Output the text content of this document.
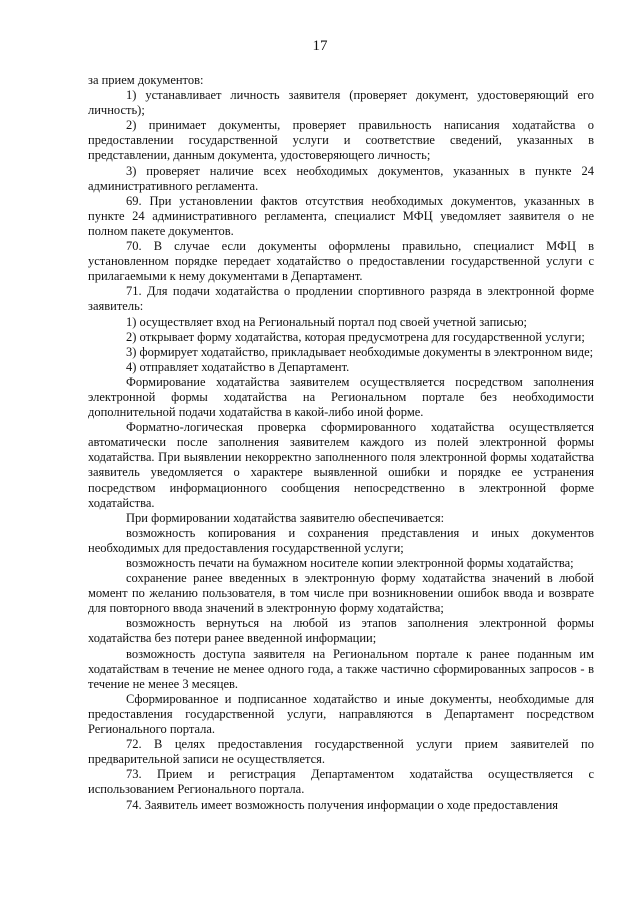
17

за прием документов:

1) устанавливает личность заявителя (проверяет документ, удостоверяющий его личность);

2) принимает документы, проверяет правильность написания ходатайства о предоставлении государственной услуги и соответствие сведений, указанных в представлении, данным документа, удостоверяющего личность;

3) проверяет наличие всех необходимых документов, указанных в пункте 24 административного регламента.

69. При установлении фактов отсутствия необходимых документов, указанных в пункте 24 административного регламента, специалист МФЦ уведомляет заявителя о не полном пакете документов.

70. В случае если документы оформлены правильно, специалист МФЦ в установленном порядке передает ходатайство о предоставлении государственной услуги с прилагаемыми к нему документами в Департамент.

71. Для подачи ходатайства о продлении спортивного разряда в электронной форме заявитель:

1) осуществляет вход на Региональный портал под своей учетной записью;

2) открывает форму ходатайства, которая предусмотрена для государственной услуги;

3) формирует ходатайство, прикладывает необходимые документы в электронном виде;

4) отправляет ходатайство в Департамент.

Формирование ходатайства заявителем осуществляется посредством заполнения электронной формы ходатайства на Региональном портале без необходимости дополнительной подачи ходатайства в какой-либо иной форме.

Форматно-логическая проверка сформированного ходатайства осуществляется автоматически после заполнения заявителем каждого из полей электронной формы ходатайства. При выявлении некорректно заполненного поля электронной формы ходатайства заявитель уведомляется о характере выявленной ошибки и порядке ее устранения посредством информационного сообщения непосредственно в электронной форме ходатайства.

При формировании ходатайства заявителю обеспечивается:

возможность копирования и сохранения представления и иных документов необходимых для предоставления государственной услуги;

возможность печати на бумажном носителе копии электронной формы ходатайства;

сохранение ранее введенных в электронную форму ходатайства значений в любой момент по желанию пользователя, в том числе при возникновении ошибок ввода и возврате для повторного ввода значений в электронную форму ходатайства;

возможность вернуться на любой из этапов заполнения электронной формы ходатайства без потери ранее введенной информации;

возможность доступа заявителя на Региональном портале к ранее поданным им ходатайствам в течение не менее одного года, а также частично сформированных запросов - в течение не менее 3 месяцев.

Сформированное и подписанное ходатайство и иные документы, необходимые для предоставления государственной услуги, направляются в Департамент посредством Регионального портала.

72. В целях предоставления государственной услуги прием заявителей по предварительной записи не осуществляется.

73. Прием и регистрация Департаментом ходатайства осуществляется с использованием Регионального портала.

74. Заявитель имеет возможность получения информации о ходе предоставления
